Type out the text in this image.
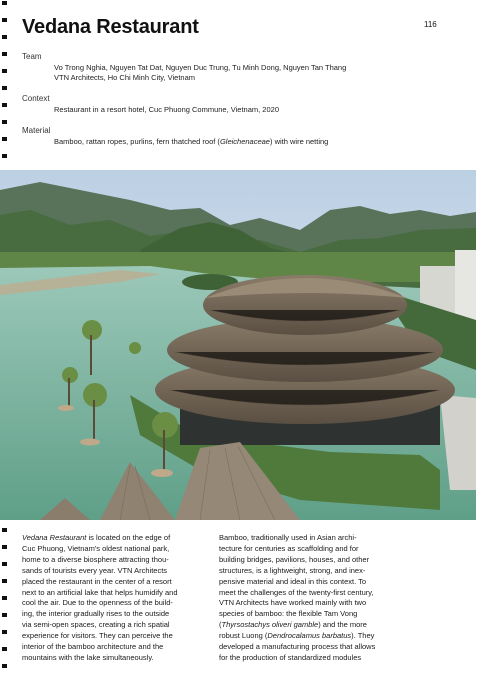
Vedana Restaurant	116
Team
Vo Trong Nghia, Nguyen Tat Dat, Nguyen Duc Trung, Tu Minh Dong, Nguyen Tan Thang
VTN Architects, Ho Chi Minh City, Vietnam
Context
Restaurant in a resort hotel, Cuc Phuong Commune, Vietnam, 2020
Material
Bamboo, rattan ropes, purlins, fern thatched roof (Gleichenaceae) with wire netting

Vedana Restaurant is located on the edge of

Cuc Phuong, Vietnam's oldest national park,

home to a diverse biosphere attracting thou-

sands of tourists every year. VTN Architects

placed the restaurant in the center of a resort

next to an artificial lake that helps humidify and

cool the air. Due to the openness of the build-

ing, the interior gradually rises to the outside

via semi-open spaces, creating a rich spatial

experience for visitors. They can perceive the

interior of the bamboo architecture and the

mountains with the lake simultaneously.

Bamboo, traditionally used in Asian archi-

tecture for centuries as scaffolding and for

building bridges, pavilions, houses, and other

structures, is a lightweight, strong, and inex-

pensive material and ideal in this context. To

meet the challenges of the twenty-first century,

VTN Architects have worked mainly with two

species of bamboo: the flexible Tam Vong

(Thyrsostachys oliveri gamble) and the more

robust Luong (Dendrocalamus barbatus). They

developed a manufacturing process that allows

for the production of standardized modules
